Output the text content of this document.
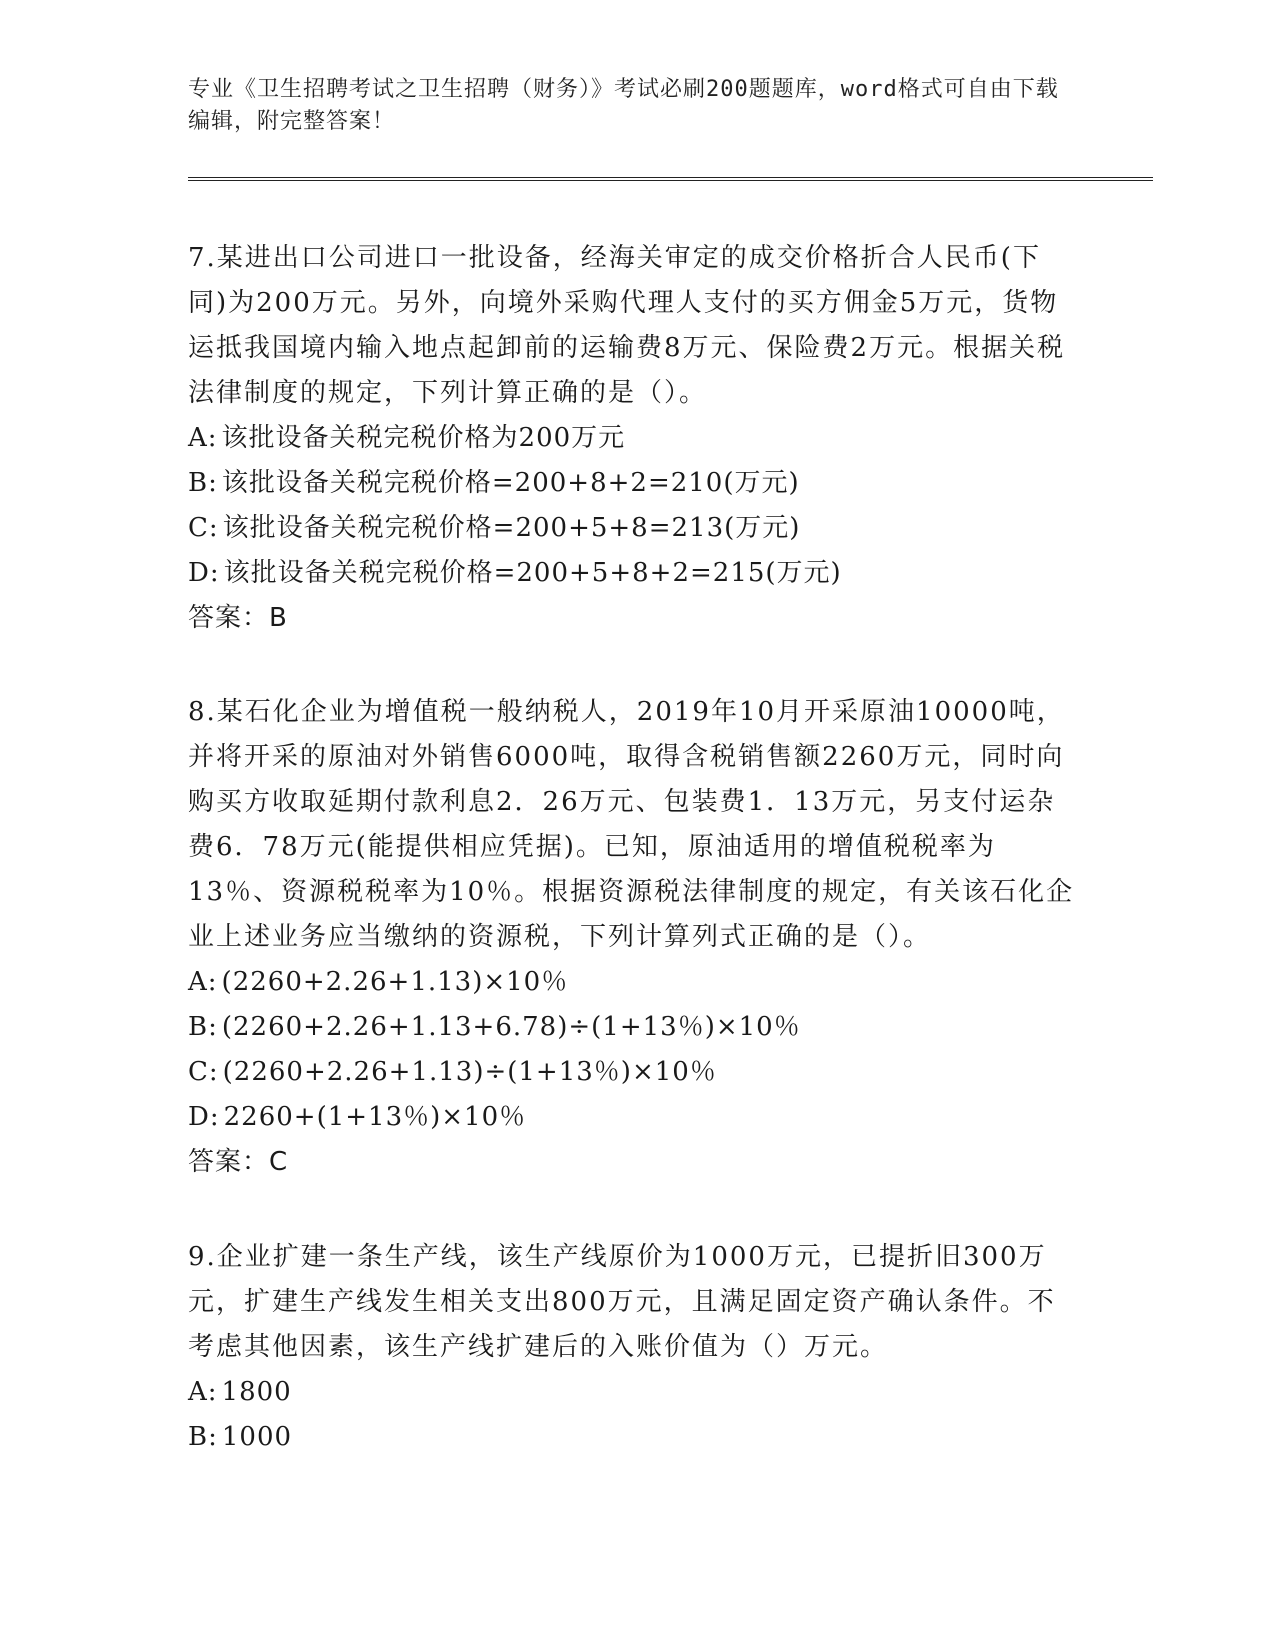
专业《卫生招聘考试之卫生招聘（财务）》考试必刷200题题库，word格式可自由下载编辑，附完整答案！

7.某进出口公司进口一批设备，经海关审定的成交价格折合人民币(下同)为200万元。另外，向境外采购代理人支付的买方佣金5万元，货物运抵我国境内输入地点起卸前的运输费8万元、保险费2万元。根据关税法律制度的规定，下列计算正确的是（）。

A: 该批设备关税完税价格为200万元

B: 该批设备关税完税价格=200+8+2=210(万元)

C: 该批设备关税完税价格=200+5+8=213(万元)

D: 该批设备关税完税价格=200+5+8+2=215(万元)

答案：B

8.某石化企业为增值税一般纳税人，2019年10月开采原油10000吨，并将开采的原油对外销售6000吨，取得含税销售额2260万元，同时向购买方收取延期付款利息2．26万元、包装费1．13万元，另支付运杂费6．78万元(能提供相应凭据)。已知，原油适用的增值税税率为13％、资源税税率为10％。根据资源税法律制度的规定，有关该石化企业上述业务应当缴纳的资源税，下列计算列式正确的是（）。

A: (2260+2.26+1.13)×10％

B: (2260+2.26+1.13+6.78)÷(1+13％)×10％

C: (2260+2.26+1.13)÷(1+13％)×10％

D: 2260+(1+13％)×10％

答案：C

9.企业扩建一条生产线，该生产线原价为1000万元，已提折旧300万元，扩建生产线发生相关支出800万元，且满足固定资产确认条件。不考虑其他因素，该生产线扩建后的入账价值为（）万元。

A: 1800

B: 1000
